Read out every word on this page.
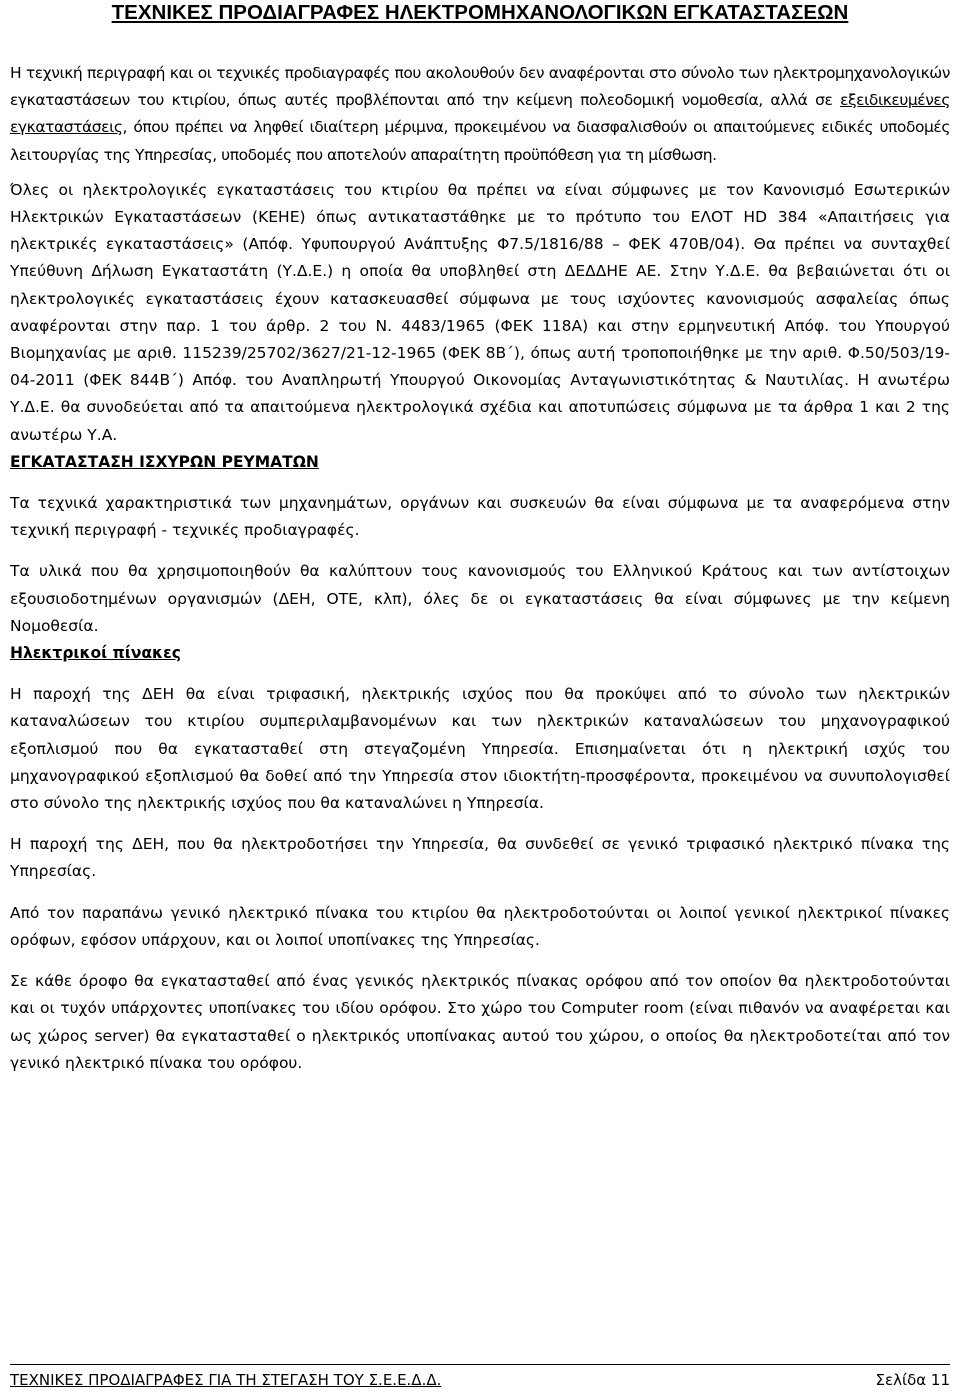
ΤΕΧΝΙΚΕΣ ΠΡΟΔΙΑΓΡΑΦΕΣ ΗΛΕΚΤΡΟΜΗΧΑΝΟΛΟΓΙΚΩΝ ΕΓΚΑΤΑΣΤΑΣΕΩΝ

Η τεχνική περιγραφή και οι τεχνικές προδιαγραφές που ακολουθούν δεν αναφέρονται στο σύνολο των ηλεκτρομηχανολογικών εγκαταστάσεων του κτιρίου, όπως αυτές προβλέπονται από την κείμενη πολεοδομική νομοθεσία, αλλά σε εξειδικευμένες εγκαταστάσεις, όπου πρέπει να ληφθεί ιδιαίτερη μέριμνα, προκειμένου να διασφαλισθούν οι απαιτούμενες ειδικές υποδομές λειτουργίας της Υπηρεσίας, υποδομές που αποτελούν απαραίτητη προϋπόθεση για τη μίσθωση.

Όλες οι ηλεκτρολογικές εγκαταστάσεις του κτιρίου θα πρέπει να είναι σύμφωνες με τον Κανονισμό Εσωτερικών Ηλεκτρικών Εγκαταστάσεων (ΚΕΗΕ) όπως αντικαταστάθηκε με το πρότυπο του ΕΛΟΤ HD 384 «Απαιτήσεις για ηλεκτρικές εγκαταστάσεις» (Απόφ. Υφυπουργού Ανάπτυξης Φ7.5/1816/88 – ΦΕΚ 470Β/04). Θα πρέπει να συνταχθεί Υπεύθυνη Δήλωση Εγκαταστάτη (Υ.Δ.Ε.) η οποία θα υποβληθεί στη ΔΕΔΔΗΕ ΑΕ. Στην Υ.Δ.Ε. θα βεβαιώνεται ότι οι ηλεκτρολογικές εγκαταστάσεις έχουν κατασκευασθεί σύμφωνα με τους ισχύοντες κανονισμούς ασφαλείας όπως αναφέρονται στην παρ. 1 του άρθρ. 2 του Ν. 4483/1965 (ΦΕΚ 118Α) και στην ερμηνευτική Απόφ. του Υπουργού Βιομηχανίας με αριθ. 115239/25702/3627/21-12-1965 (ΦΕΚ 8Β΄), όπως αυτή τροποποιήθηκε με την αριθ. Φ.50/503/19-04-2011 (ΦΕΚ 844Β΄) Απόφ. του Αναπληρωτή Υπουργού Οικονομίας Ανταγωνιστικότητας & Ναυτιλίας. Η ανωτέρω Υ.Δ.Ε. θα συνοδεύεται από τα απαιτούμενα ηλεκτρολογικά σχέδια και αποτυπώσεις σύμφωνα με τα άρθρα 1 και 2 της ανωτέρω Υ.Α.

ΕΓΚΑΤΑΣΤΑΣΗ ΙΣΧΥΡΩΝ ΡΕΥΜΑΤΩΝ

Τα τεχνικά χαρακτηριστικά των μηχανημάτων, οργάνων και συσκευών θα είναι σύμφωνα με τα αναφερόμενα στην τεχνική περιγραφή - τεχνικές προδιαγραφές.

Τα υλικά που θα χρησιμοποιηθούν θα καλύπτουν τους κανονισμούς του Ελληνικού Κράτους και των αντίστοιχων εξουσιοδοτημένων οργανισμών (ΔΕΗ, ΟΤΕ, κλπ), όλες δε οι εγκαταστάσεις θα είναι σύμφωνες με την κείμενη Νομοθεσία.

Ηλεκτρικοί πίνακες

Η παροχή της ΔΕΗ θα είναι τριφασική, ηλεκτρικής ισχύος που θα προκύψει από το σύνολο των ηλεκτρικών καταναλώσεων του κτιρίου συμπεριλαμβανομένων και των ηλεκτρικών καταναλώσεων του μηχανογραφικού εξοπλισμού που θα εγκατασταθεί στη στεγαζομένη Υπηρεσία. Επισημαίνεται ότι η ηλεκτρική ισχύς του μηχανογραφικού εξοπλισμού θα δοθεί από την Υπηρεσία στον ιδιοκτήτη-προσφέροντα, προκειμένου να συνυπολογισθεί στο σύνολο της ηλεκτρικής ισχύος που θα καταναλώνει η Υπηρεσία.

Η παροχή της ΔΕΗ, που θα ηλεκτροδοτήσει την Υπηρεσία, θα συνδεθεί σε γενικό τριφασικό ηλεκτρικό πίνακα της Υπηρεσίας.

Από τον παραπάνω γενικό ηλεκτρικό πίνακα του κτιρίου θα ηλεκτροδοτούνται οι λοιποί γενικοί ηλεκτρικοί πίνακες ορόφων, εφόσον υπάρχουν, και οι λοιποί υποπίνακες της Υπηρεσίας.

Σε κάθε όροφο θα εγκατασταθεί από ένας γενικός ηλεκτρικός πίνακας ορόφου από τον οποίον θα ηλεκτροδοτούνται και οι τυχόν υπάρχοντες υποπίνακες του ιδίου ορόφου. Στο χώρο του Computer room (είναι πιθανόν να αναφέρεται και ως χώρος server) θα εγκατασταθεί ο ηλεκτρικός υποπίνακας αυτού του χώρου, ο οποίος θα ηλεκτροδοτείται από τον γενικό ηλεκτρικό πίνακα του ορόφου.

ΤΕΧΝΙΚΕΣ ΠΡΟΔΙΑΓΡΑΦΕΣ ΓΙΑ ΤΗ ΣΤΕΓΑΣΗ ΤΟΥ Σ.Ε.Ε.Δ.Δ.	Σελίδα 11
